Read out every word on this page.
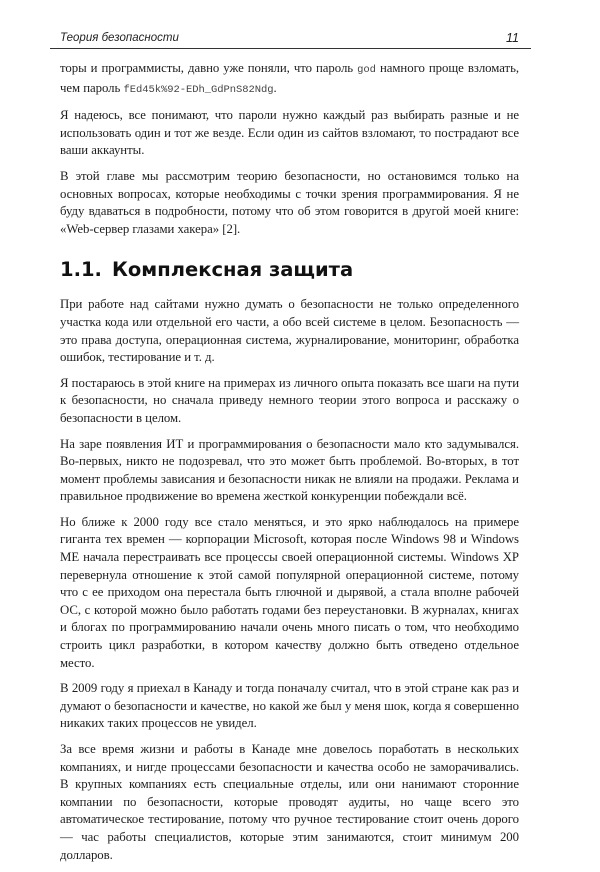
Теория безопасности	11

торы и программисты, давно уже поняли, что пароль god намного проще взломать, чем пароль fEd45k%92-EDh_GdPnS82Ndg.

Я надеюсь, все понимают, что пароли нужно каждый раз выбирать разные и не использовать один и тот же везде. Если один из сайтов взломают, то пострадают все ваши аккаунты.

В этой главе мы рассмотрим теорию безопасности, но остановимся только на основных вопросах, которые необходимы с точки зрения программирования. Я не буду вдаваться в подробности, потому что об этом говорится в другой моей книге: «Web-сервер глазами хакера» [2].

1.1. Комплексная защита

При работе над сайтами нужно думать о безопасности не только определенного участка кода или отдельной его части, а обо всей системе в целом. Безопасность — это права доступа, операционная система, журналирование, мониторинг, обработка ошибок, тестирование и т. д.

Я постараюсь в этой книге на примерах из личного опыта показать все шаги на пути к безопасности, но сначала приведу немного теории этого вопроса и расскажу о безопасности в целом.

На заре появления ИТ и программирования о безопасности мало кто задумывался. Во-первых, никто не подозревал, что это может быть проблемой. Во-вторых, в тот момент проблемы зависания и безопасности никак не влияли на продажи. Реклама и правильное продвижение во времена жесткой конкуренции побеждали всё.

Но ближе к 2000 году все стало меняться, и это ярко наблюдалось на примере гиганта тех времен — корпорации Microsoft, которая после Windows 98 и Windows ME начала перестраивать все процессы своей операционной системы. Windows XP перевернула отношение к этой самой популярной операционной системе, потому что с ее приходом она перестала быть глючной и дырявой, а стала вполне рабочей ОС, с которой можно было работать годами без переустановки. В журналах, книгах и блогах по программированию начали очень много писать о том, что необходимо строить цикл разработки, в котором качеству должно быть отведено отдельное место.

В 2009 году я приехал в Канаду и тогда поначалу считал, что в этой стране как раз и думают о безопасности и качестве, но какой же был у меня шок, когда я совершенно никаких таких процессов не увидел.

За все время жизни и работы в Канаде мне довелось поработать в нескольких компаниях, и нигде процессами безопасности и качества особо не заморачивались. В крупных компаниях есть специальные отделы, или они нанимают сторонние компании по безопасности, которые проводят аудиты, но чаще всего это автоматическое тестирование, потому что ручное тестирование стоит очень дорого — час работы специалистов, которые этим занимаются, стоит минимум 200 долларов.
